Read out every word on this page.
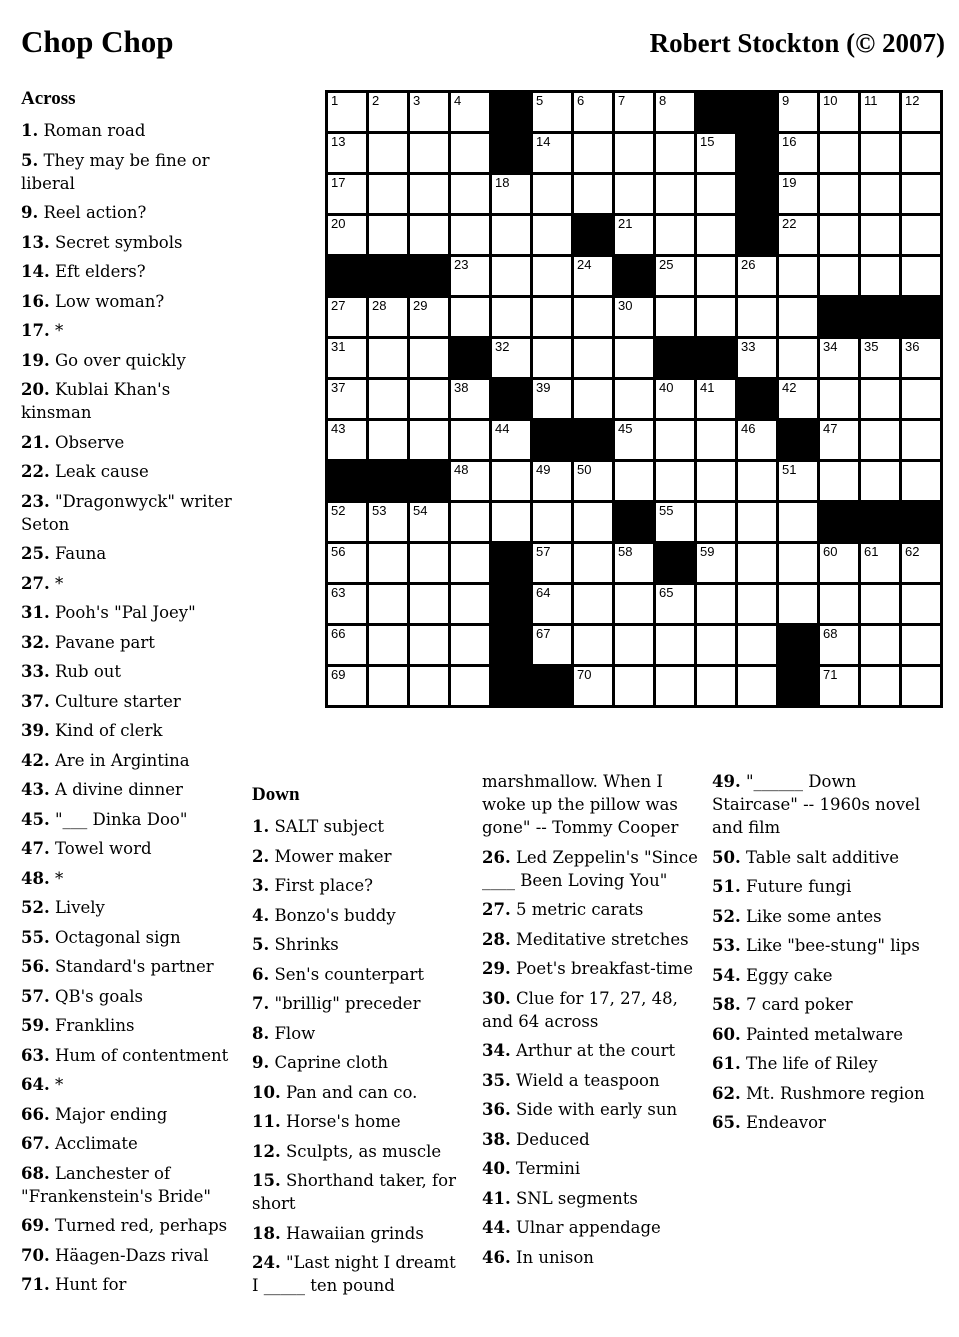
Chop Chop	Robert Stockton (© 2007)
1	2	3	4	5	6	7	8	9	10 11 12
13	14	15	16
17	18	19
20	21	22
23	24	25	26
27 28 29	30
31	32	33	34 35 36
37	38	39	40 41	42
43	44	45	46	47
48	49 50	51
52 53 54	55
56	57	58	59	60 61 62
63	64	65
66	67	68
69	70	71
Across

1. Roman road

5. They may be fine or liberal

9. Reel action?

13. Secret symbols

14. Eft elders?

16. Low woman?

17. *

19. Go over quickly

20. Kublai Khan's kinsman

21. Observe

22. Leak cause

23. "Dragonwyck" writer Seton

25. Fauna

27. *

31. Pooh's "Pal Joey"

32. Pavane part

33. Rub out

37. Culture starter

39. Kind of clerk

42. Are in Argintina

43. A divine dinner

45. "___ Dinka Doo"

47. Towel word

48. *

52. Lively

55. Octagonal sign

56. Standard's partner

57. QB's goals

59. Franklins

63. Hum of contentment

64. *

66. Major ending

67. Acclimate

68. Lanchester of "Frankenstein's Bride"

69. Turned red, perhaps

70. Häagen-Dazs rival

71. Hunt for

Down

1. SALT subject

2. Mower maker

3. First place?

4. Bonzo's buddy

5. Shrinks

6. Sen's counterpart

7. "brillig" preceder

8. Flow

9. Caprine cloth

10. Pan and can co.

11. Horse's home

12. Sculpts, as muscle

15. Shorthand taker, for short

18. Hawaiian grinds

24. "Last night I dreamt I _____ ten pound

marshmallow. When I woke up the pillow was gone" -- Tommy Cooper

26. Led Zeppelin's "Since ____ Been Loving You"

27. 5 metric carats

28. Meditative stretches

29. Poet's breakfast-time

30. Clue for 17, 27, 48, and 64 across

34. Arthur at the court

35. Wield a teaspoon

36. Side with early sun

38. Deduced

40. Termini

41. SNL segments

44. Ulnar appendage

46. In unison

49. "______ Down Staircase" -- 1960s novel and film

50. Table salt additive

51. Future fungi

52. Like some antes

53. Like "bee-stung" lips

54. Eggy cake

58. 7 card poker

60. Painted metalware

61. The life of Riley

62. Mt. Rushmore region

65. Endeavor
